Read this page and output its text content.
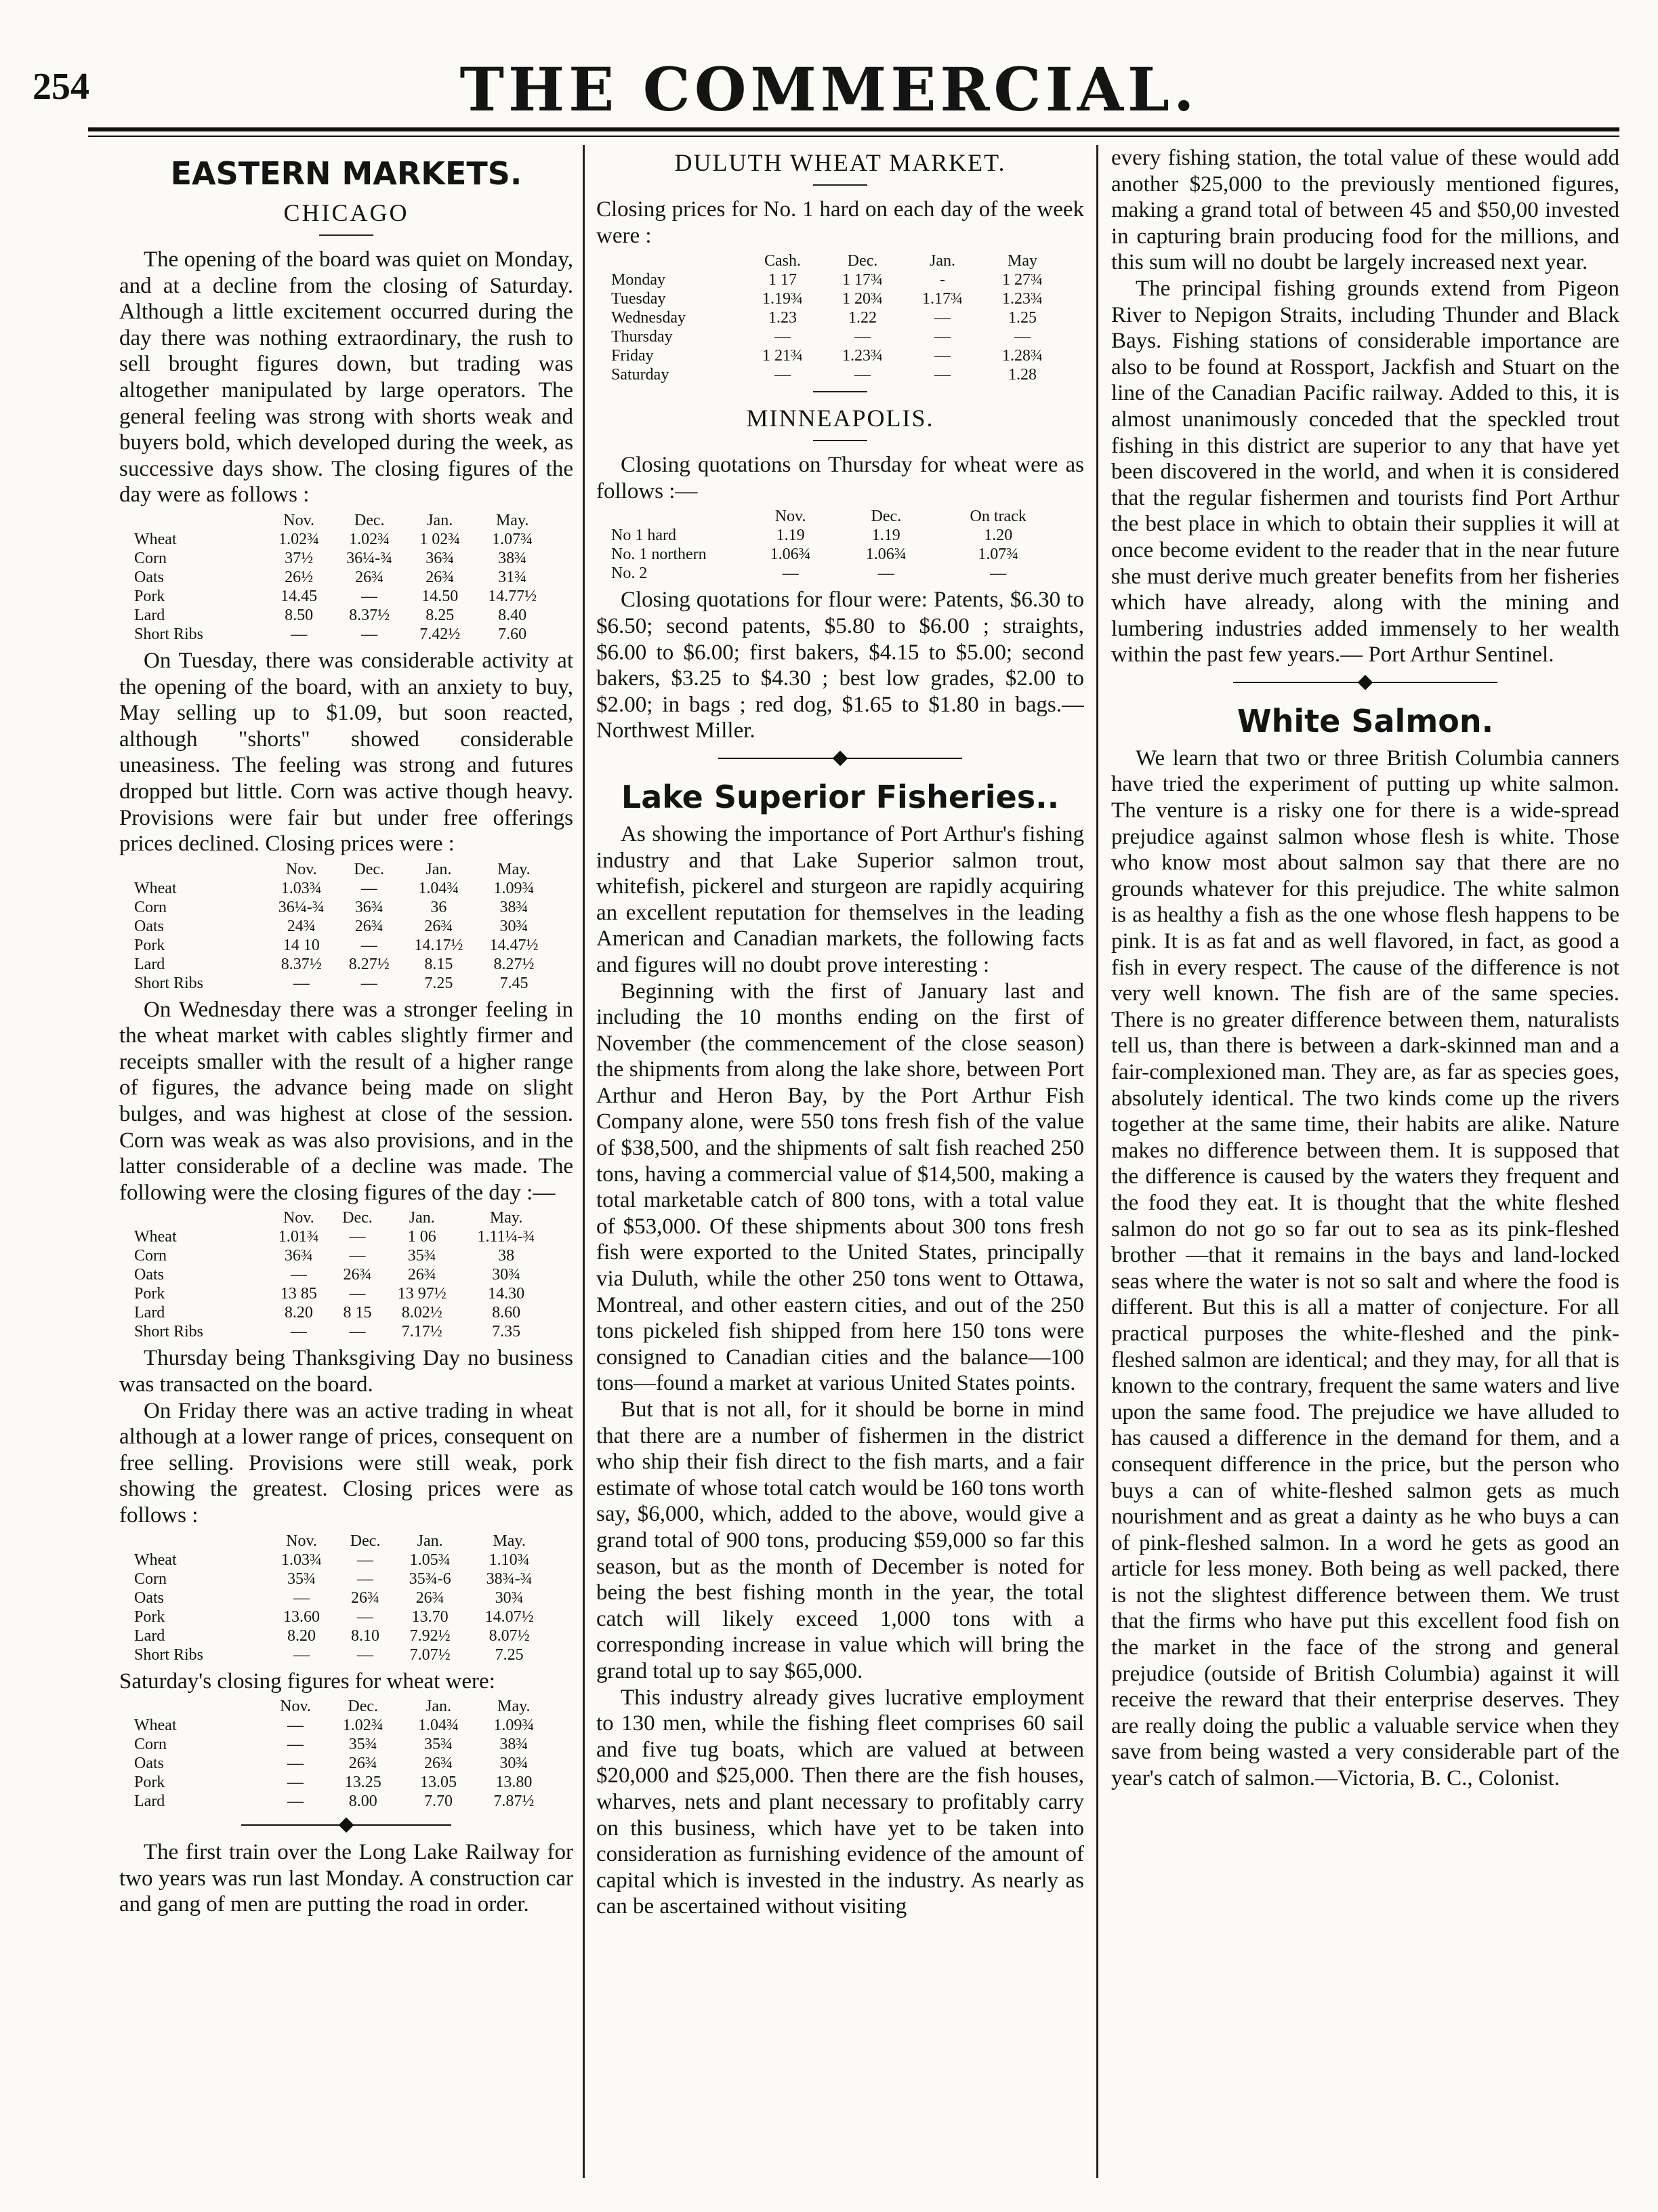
254	THE COMMERCIAL.
EASTERN MARKETS.
CHICAGO

The opening of the board was quiet on Monday, and at a decline from the closing of Saturday. Although a little excitement occurred during the day there was nothing extraordinary, the rush to sell brought figures down, but trading was altogether manipulated by large operators. The general feeling was strong with shorts weak and buyers bold, which developed during the week, as successive days show. The closing figures of the day were as follows :

	Nov.	Dec.	Jan.	May.
Wheat	1.02¾	1.02¾	1 02¾	1.07¾
Corn	37½	36¼-¾	36¾	38¾
Oats	26½	26¾	26¾	31¾
Pork	14.45	—	14.50	14.77½
Lard	8.50	8.37½	8.25	8.40
Short Ribs	—	—	7.42½	7.60

On Tuesday, there was considerable activity at the opening of the board, with an anxiety to buy, May selling up to $1.09, but soon reacted, although "shorts" showed considerable uneasiness. The feeling was strong and futures dropped but little. Corn was active though heavy. Provisions were fair but under free offerings prices declined. Closing prices were :

	Nov.	Dec.	Jan.	May.
Wheat	1.03¾	—	1.04¾	1.09¾
Corn	36¼-¾	36¾	36	38¾
Oats	24¾	26¾	26¾	30¾
Pork	14 10	—	14.17½	14.47½
Lard	8.37½	8.27½	8.15	8.27½
Short Ribs	—	—	7.25	7.45

On Wednesday there was a stronger feeling in the wheat market with cables slightly firmer and receipts smaller with the result of a higher range of figures, the advance being made on slight bulges, and was highest at close of the session. Corn was weak as was also provisions, and in the latter considerable of a decline was made. The following were the closing figures of the day :—

	Nov.	Dec.	Jan.	May.
Wheat	1.01¾	—	1 06	1.11¼-¾
Corn	36¾	—	35¾	38
Oats	—	26¾	26¾	30¾
Pork	13 85	—	13 97½	14.30
Lard	8.20	8 15	8.02½	8.60
Short Ribs	—	—	7.17½	7.35

Thursday being Thanksgiving Day no business was transacted on the board.

On Friday there was an active trading in wheat although at a lower range of prices, consequent on free selling. Provisions were still weak, pork showing the greatest. Closing prices were as follows :

	Nov.	Dec.	Jan.	May.
Wheat	1.03¾	—	1.05¾	1.10¾
Corn	35¾	—	35¾-6	38¾-¾
Oats	—	26¾	26¾	30¾
Pork	13.60	—	13.70	14.07½
Lard	8.20	8.10	7.92½	8.07½
Short Ribs	—	—	7.07½	7.25

Saturday's closing figures for wheat were:

	Nov.	Dec.	Jan.	May.
Wheat	—	1.02¾	1.04¾	1.09¾
Corn	—	35¾	35¾	38¾
Oats	—	26¾	26¾	30¾
Pork	—	13.25	13.05	13.80
Lard	—	8.00	7.70	7.87½

The first train over the Long Lake Railway for two years was run last Monday. A construction car and gang of men are putting the road in order.

DULUTH WHEAT MARKET.

Closing prices for No. 1 hard on each day of the week were :

	Cash.	Dec.	Jan.	May
Monday	1 17	1 17¾	-	1 27¾
Tuesday	1.19¾	1 20¾	1.17¾	1.23¾
Wednesday	1.23	1.22	—	1.25
Thursday	—	—	—	—
Friday	1 21¾	1.23¾	—	1.28¾
Saturday	—	—	—	1.28
MINNEAPOLIS.

Closing quotations on Thursday for wheat were as follows :—

	Nov.	Dec.	On track
No 1 hard	1.19	1.19	1.20
No. 1 northern	1.06¾	1.06¾	1.07¾
No. 2	—	—	—

Closing quotations for flour were: Patents, $6.30 to $6.50; second patents, $5.80 to $6.00 ; straights, $6.00 to $6.00; first bakers, $4.15 to $5.00; second bakers, $3.25 to $4.30 ; best low grades, $2.00 to $2.00; in bags ; red dog, $1.65 to $1.80 in bags.—Northwest Miller.

Lake Superior Fisheries..

As showing the importance of Port Arthur's fishing industry and that Lake Superior salmon trout, whitefish, pickerel and sturgeon are rapidly acquiring an excellent reputation for themselves in the leading American and Canadian markets, the following facts and figures will no doubt prove interesting :

Beginning with the first of January last and including the 10 months ending on the first of November (the commencement of the close season) the shipments from along the lake shore, between Port Arthur and Heron Bay, by the Port Arthur Fish Company alone, were 550 tons fresh fish of the value of $38,500, and the shipments of salt fish reached 250 tons, having a commercial value of $14,500, making a total marketable catch of 800 tons, with a total value of $53,000. Of these shipments about 300 tons fresh fish were exported to the United States, principally via Duluth, while the other 250 tons went to Ottawa, Montreal, and other eastern cities, and out of the 250 tons pickeled fish shipped from here 150 tons were consigned to Canadian cities and the balance—100 tons—found a market at various United States points.

But that is not all, for it should be borne in mind that there are a number of fishermen in the district who ship their fish direct to the fish marts, and a fair estimate of whose total catch would be 160 tons worth say, $6,000, which, added to the above, would give a grand total of 900 tons, producing $59,000 so far this season, but as the month of December is noted for being the best fishing month in the year, the total catch will likely exceed 1,000 tons with a corresponding increase in value which will bring the grand total up to say $65,000.

This industry already gives lucrative employment to 130 men, while the fishing fleet comprises 60 sail and five tug boats, which are valued at between $20,000 and $25,000. Then there are the fish houses, wharves, nets and plant necessary to profitably carry on this business, which have yet to be taken into consideration as furnishing evidence of the amount of capital which is invested in the industry. As nearly as can be ascertained without visiting

every fishing station, the total value of these would add another $25,000 to the previously mentioned figures, making a grand total of between 45 and $50,00 invested in capturing brain producing food for the millions, and this sum will no doubt be largely increased next year.

The principal fishing grounds extend from Pigeon River to Nepigon Straits, including Thunder and Black Bays. Fishing stations of considerable importance are also to be found at Rossport, Jackfish and Stuart on the line of the Canadian Pacific railway. Added to this, it is almost unanimously conceded that the speckled trout fishing in this district are superior to any that have yet been discovered in the world, and when it is considered that the regular fishermen and tourists find Port Arthur the best place in which to obtain their supplies it will at once become evident to the reader that in the near future she must derive much greater benefits from her fisheries which have already, along with the mining and lumbering industries added immensely to her wealth within the past few years.— Port Arthur Sentinel.

White Salmon.

We learn that two or three British Columbia canners have tried the experiment of putting up white salmon. The venture is a risky one for there is a wide-spread prejudice against salmon whose flesh is white. Those who know most about salmon say that there are no grounds whatever for this prejudice. The white salmon is as healthy a fish as the one whose flesh happens to be pink. It is as fat and as well flavored, in fact, as good a fish in every respect. The cause of the difference is not very well known. The fish are of the same species. There is no greater difference between them, naturalists tell us, than there is between a dark-skinned man and a fair-complexioned man. They are, as far as species goes, absolutely identical. The two kinds come up the rivers together at the same time, their habits are alike. Nature makes no difference between them. It is supposed that the difference is caused by the waters they frequent and the food they eat. It is thought that the white fleshed salmon do not go so far out to sea as its pink-fleshed brother —that it remains in the bays and land-locked seas where the water is not so salt and where the food is different. But this is all a matter of conjecture. For all practical purposes the white-fleshed and the pink-fleshed salmon are identical; and they may, for all that is known to the contrary, frequent the same waters and live upon the same food. The prejudice we have alluded to has caused a difference in the demand for them, and a consequent difference in the price, but the person who buys a can of white-fleshed salmon gets as much nourishment and as great a dainty as he who buys a can of pink-fleshed salmon. In a word he gets as good an article for less money. Both being as well packed, there is not the slightest difference between them. We trust that the firms who have put this excellent food fish on the market in the face of the strong and general prejudice (outside of British Columbia) against it will receive the reward that their enterprise deserves. They are really doing the public a valuable service when they save from being wasted a very considerable part of the year's catch of salmon.—Victoria, B. C., Colonist.
